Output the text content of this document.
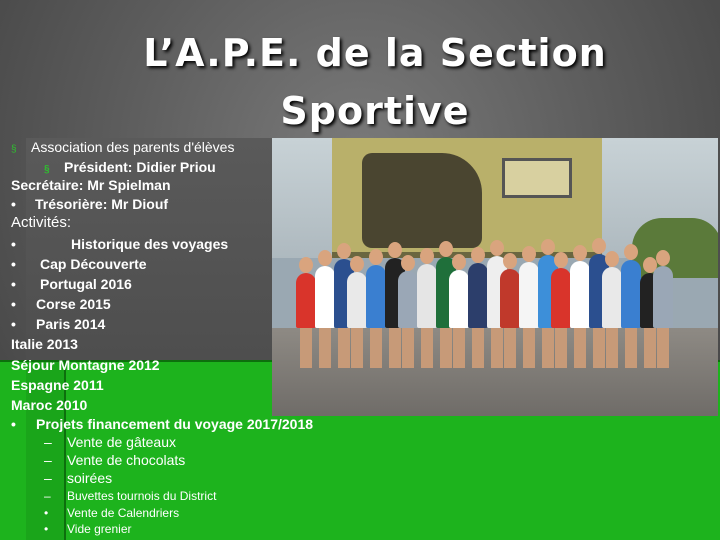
L’A.P.E. de la Section
Sportive
§ Association des parents d'élèves
§ Président: Didier Priou
Secrétaire: Mr Spielman
• Trésorière: Mr Diouf
Activités:
•	Historique des voyages
• Cap Découverte
• Portugal 2016
• Corse 2015
• Paris 2014
Italie 2013
Séjour Montagne 2012
Espagne 2011
Maroc 2010
• Projets financement du voyage 2017/2018
– Vente de gâteaux
– Vente de chocolats
– soirées
– Buvettes tournois du District
• Vente de Calendriers
• Vide grenier
